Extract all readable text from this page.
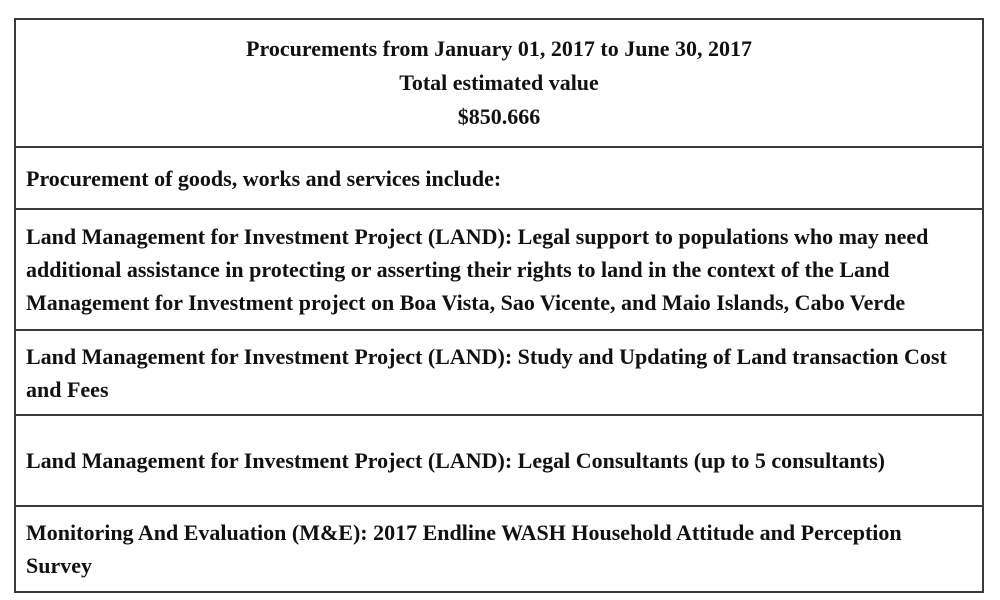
Procurements from January 01, 2017 to June 30, 2017
Total estimated value
$850.666
Procurement of goods, works and services include:
Land Management for Investment Project (LAND): Legal support to populations who may need additional assistance in protecting or asserting their rights to land in the context of the Land Management for Investment project on Boa Vista, Sao Vicente, and Maio Islands, Cabo Verde
Land Management for Investment Project (LAND): Study and Updating of Land transaction Cost and Fees
Land Management for Investment Project (LAND): Legal Consultants (up to 5 consultants)
Monitoring And Evaluation (M&E): 2017 Endline WASH Household Attitude and Perception Survey
